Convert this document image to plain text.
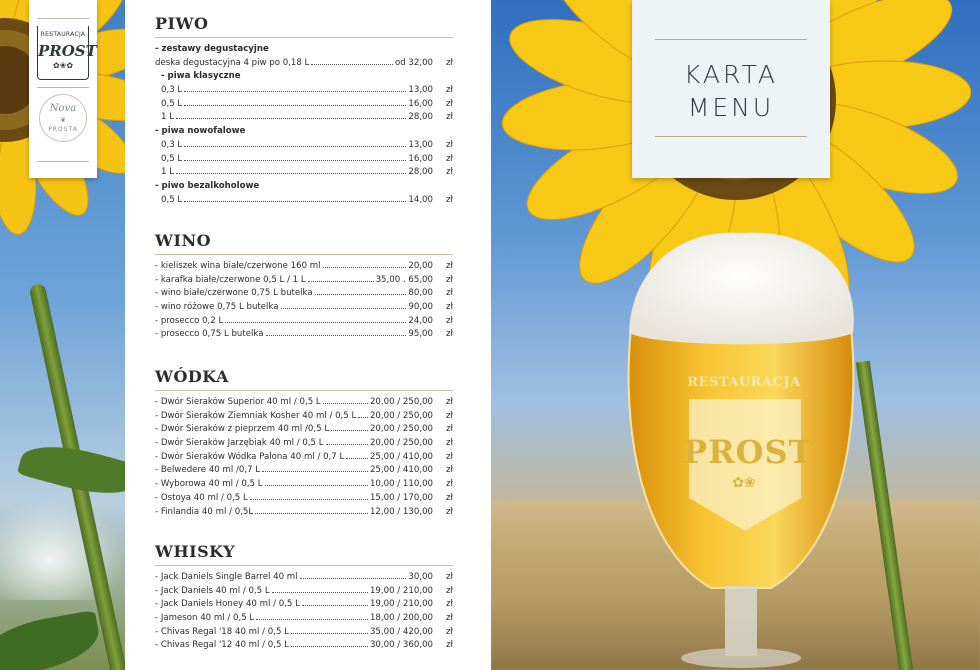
RESTAURACJA
PROST
✿❀✿
Nova
❦
PROSTA
PIWO
- zestawy degustacyjne
deska degustacyjna 4 piw po 0,18 L	od 32,00	zł
- piwa klasyczne
0,3 L	13,00	zł
0,5 L	16,00	zł
1 L	28,00	zł
- piwa nowofalowe
0,3 L	13,00	zł
0,5 L	16,00	zł
1 L	28,00	zł
- piwo bezalkoholowe
0,5 L	14,00	zł
WINO
- kieliszek wina białe/czerwone 160 ml	20,00	zł
- karafka białe/czerwone 0,5 L / 1 L	35,00 . 65,00	zł
- wino białe/czerwone 0,75 L butelka	80,00	zł
- wino różowe 0,75 L butelka	90,00	zł
- prosecco 0,2 L	24,00	zł
- prosecco 0,75 L butelka	95,00	zł
WÓDKA
- Dwór Sieraków Superior 40 ml / 0,5 L	20,00 / 250,00	zł
- Dwór Sieraków Ziemniak Kosher 40 ml / 0,5 L 20,00 / 250,00	zł
- Dwór Sieraków z pieprzem 40 ml /0,5 L	20,00 / 250,00	zł
- Dwór Sieraków Jarzębiak 40 ml / 0,5 L	20,00 / 250,00	zł
- Dwór Sieraków Wódka Palona 40 ml / 0,7 L	25,00 / 410,00	zł
- Belwedere 40 ml /0,7 L	25,00 / 410,00	zł
- Wyborowa 40 ml / 0,5 L	10,00 / 110,00	zł
- Ostoya 40 ml / 0,5 L	15,00 / 170,00	zł
- Finlandia 40 ml / 0,5L	12,00 / 130,00	zł
WHISKY
- Jack Daniels Single Barrel 40 ml	30,00	zł
- Jack Daniels 40 ml / 0,5 L	19,00 / 210,00	zł
- Jack Daniels Honey 40 ml / 0,5 L	19,00 / 210,00	zł
- Jameson 40 ml / 0,5 L	18,00 / 200,00	zł
- Chivas Regal '18 40 ml / 0,5 L	35,00 / 420,00	zł
- Chivas Regal '12 40 ml / 0,5 L	30,00 / 360,00	zł
RESTAURACJA
PROST
✿❀
KARTA
MENU
